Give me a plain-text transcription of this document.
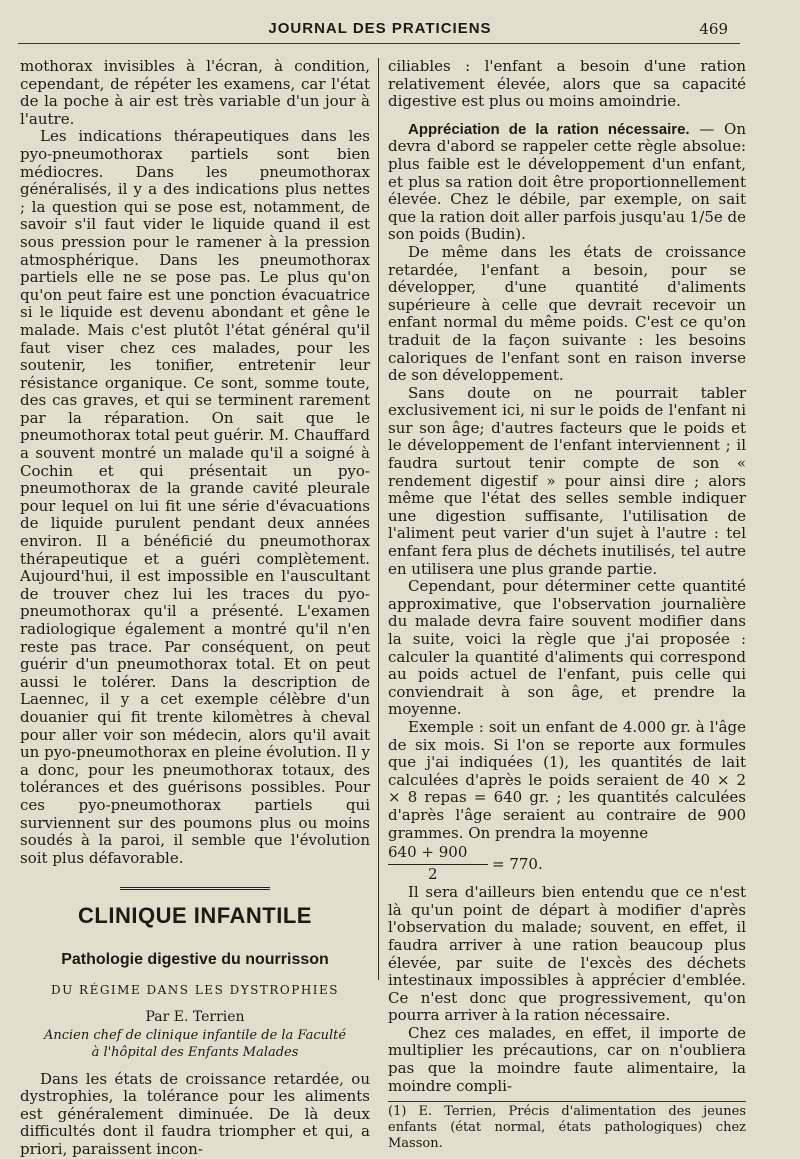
JOURNAL DES PRATICIENS	469

mothorax invisibles à l'écran, à condition, cependant, de répéter les examens, car l'état de la poche à air est très variable d'un jour à l'autre.

Les indications thérapeutiques dans les pyo-pneumothorax partiels sont bien médiocres. Dans les pneumothorax généralisés, il y a des indications plus nettes ; la question qui se pose est, notamment, de savoir s'il faut vider le liquide quand il est sous pression pour le ramener à la pression atmosphérique. Dans les pneumothorax partiels elle ne se pose pas. Le plus qu'on qu'on peut faire est une ponction évacuatrice si le liquide est devenu abondant et gêne le malade. Mais c'est plutôt l'état général qu'il faut viser chez ces malades, pour les soutenir, les tonifier, entretenir leur résistance organique. Ce sont, somme toute, des cas graves, et qui se terminent rarement par la réparation. On sait que le pneumothorax total peut guérir. M. Chauffard a souvent montré un malade qu'il a soigné à Cochin et qui présentait un pyo-pneumothorax de la grande cavité pleurale pour lequel on lui fit une série d'évacuations de liquide purulent pendant deux années environ. Il a bénéficié du pneumothorax thérapeutique et a guéri complètement. Aujourd'hui, il est impossible en l'auscultant de trouver chez lui les traces du pyo-pneumothorax qu'il a présenté. L'examen radiologique également a montré qu'il n'en reste pas trace. Par conséquent, on peut guérir d'un pneumothorax total. Et on peut aussi le tolérer. Dans la description de Laennec, il y a cet exemple célèbre d'un douanier qui fit trente kilomètres à cheval pour aller voir son médecin, alors qu'il avait un pyo-pneumothorax en pleine évolution. Il y a donc, pour les pneumothorax totaux, des tolérances et des guérisons possibles. Pour ces pyo-pneumothorax partiels qui surviennent sur des poumons plus ou moins soudés à la paroi, il semble que l'évolution soit plus défavorable.

CLINIQUE INFANTILE
Pathologie digestive du nourrisson
DU RÉGIME DANS LES DYSTROPHIES
Par E. Terrien
Ancien chef de clinique infantile de la Faculté
à l'hôpital des Enfants Malades

Dans les états de croissance retardée, ou dystrophies, la tolérance pour les aliments est généralement diminuée. De là deux difficultés dont il faudra triompher et qui, a priori, paraissent incon-

ciliables : l'enfant a besoin d'une ration relativement élevée, alors que sa capacité digestive est plus ou moins amoindrie.

Appréciation de la ration nécessaire. — On devra d'abord se rappeler cette règle absolue: plus faible est le développement d'un enfant, et plus sa ration doit être proportionnellement élevée. Chez le débile, par exemple, on sait que la ration doit aller parfois jusqu'au 1/5e de son poids (Budin).

De même dans les états de croissance retardée, l'enfant a besoin, pour se développer, d'une quantité d'aliments supérieure à celle que devrait recevoir un enfant normal du même poids. C'est ce qu'on traduit de la façon suivante : les besoins caloriques de l'enfant sont en raison inverse de son développement.

Sans doute on ne pourrait tabler exclusivement ici, ni sur le poids de l'enfant ni sur son âge; d'autres facteurs que le poids et le développement de l'enfant interviennent ; il faudra surtout tenir compte de son « rendement digestif » pour ainsi dire ; alors même que l'état des selles semble indiquer une digestion suffisante, l'utilisation de l'aliment peut varier d'un sujet à l'autre : tel enfant fera plus de déchets inutilisés, tel autre en utilisera une plus grande partie.

Cependant, pour déterminer cette quantité approximative, que l'observation journalière du malade devra faire souvent modifier dans la suite, voici la règle que j'ai proposée : calculer la quantité d'aliments qui correspond au poids actuel de l'enfant, puis celle qui conviendrait à son âge, et prendre la moyenne.

Exemple : soit un enfant de 4.000 gr. à l'âge de six mois. Si l'on se reporte aux formules que j'ai indiquées (1), les quantités de lait calculées d'après le poids seraient de 40 × 2 × 8 repas = 640 gr. ; les quantités calculées d'après l'âge seraient au contraire de 900 grammes. On prendra la moyenne

640 + 900
2
= 770.

Il sera d'ailleurs bien entendu que ce n'est là qu'un point de départ à modifier d'après l'observation du malade; souvent, en effet, il faudra arriver à une ration beaucoup plus élevée, par suite de l'excès des déchets intestinaux impossibles à apprécier d'emblée. Ce n'est donc que progressivement, qu'on pourra arriver à la ration nécessaire.

Chez ces malades, en effet, il importe de multiplier les précautions, car on n'oubliera pas que la moindre faute alimentaire, la moindre compli-

(1) E. Terrien, Précis d'alimentation des jeunes enfants (état normal, états pathologiques) chez Masson.
